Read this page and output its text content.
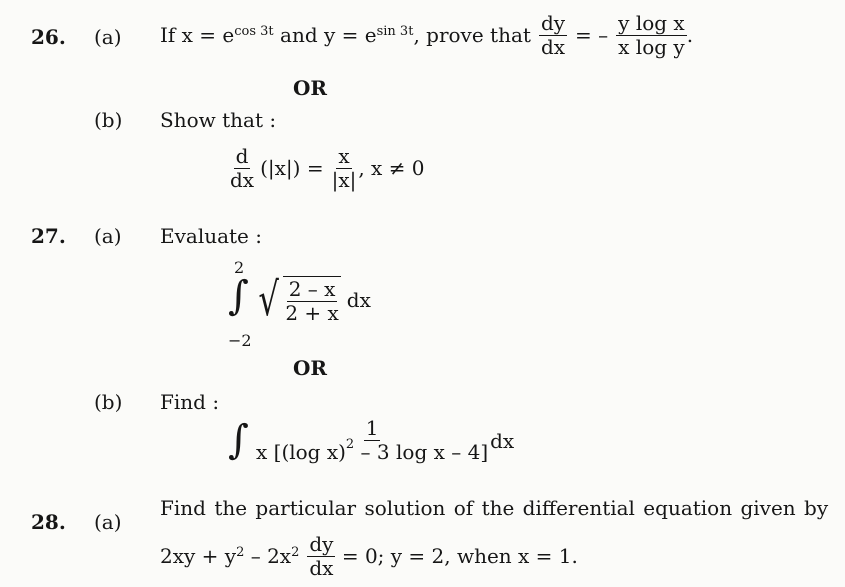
26. (a) If $x = e^{cos 3t}$ and $y = e^{sin 3t}$ , prove that $\frac{dy}{dx}$ = – $\frac{\text{y log x}}{\text{x log y}}$ .
OR
(b) Show that :
$\frac{d}{dx} (|x|) = \frac{x}{|x|}$ , x ≠ 0
27. (a) Evaluate :
2
∫
−2
√ $\frac{2 - x}{2 + x}$ dx
OR
(b) Find :
∫ $\frac{1}{x [(\log x)^2 - 3 \log x - 4]}$ dx
28. (a)
Find the particular solution of the differential equation given by
$2xy + y^2 - 2x^2 \frac{dy}{dx} = 0$; y = 2, when x = 1.
